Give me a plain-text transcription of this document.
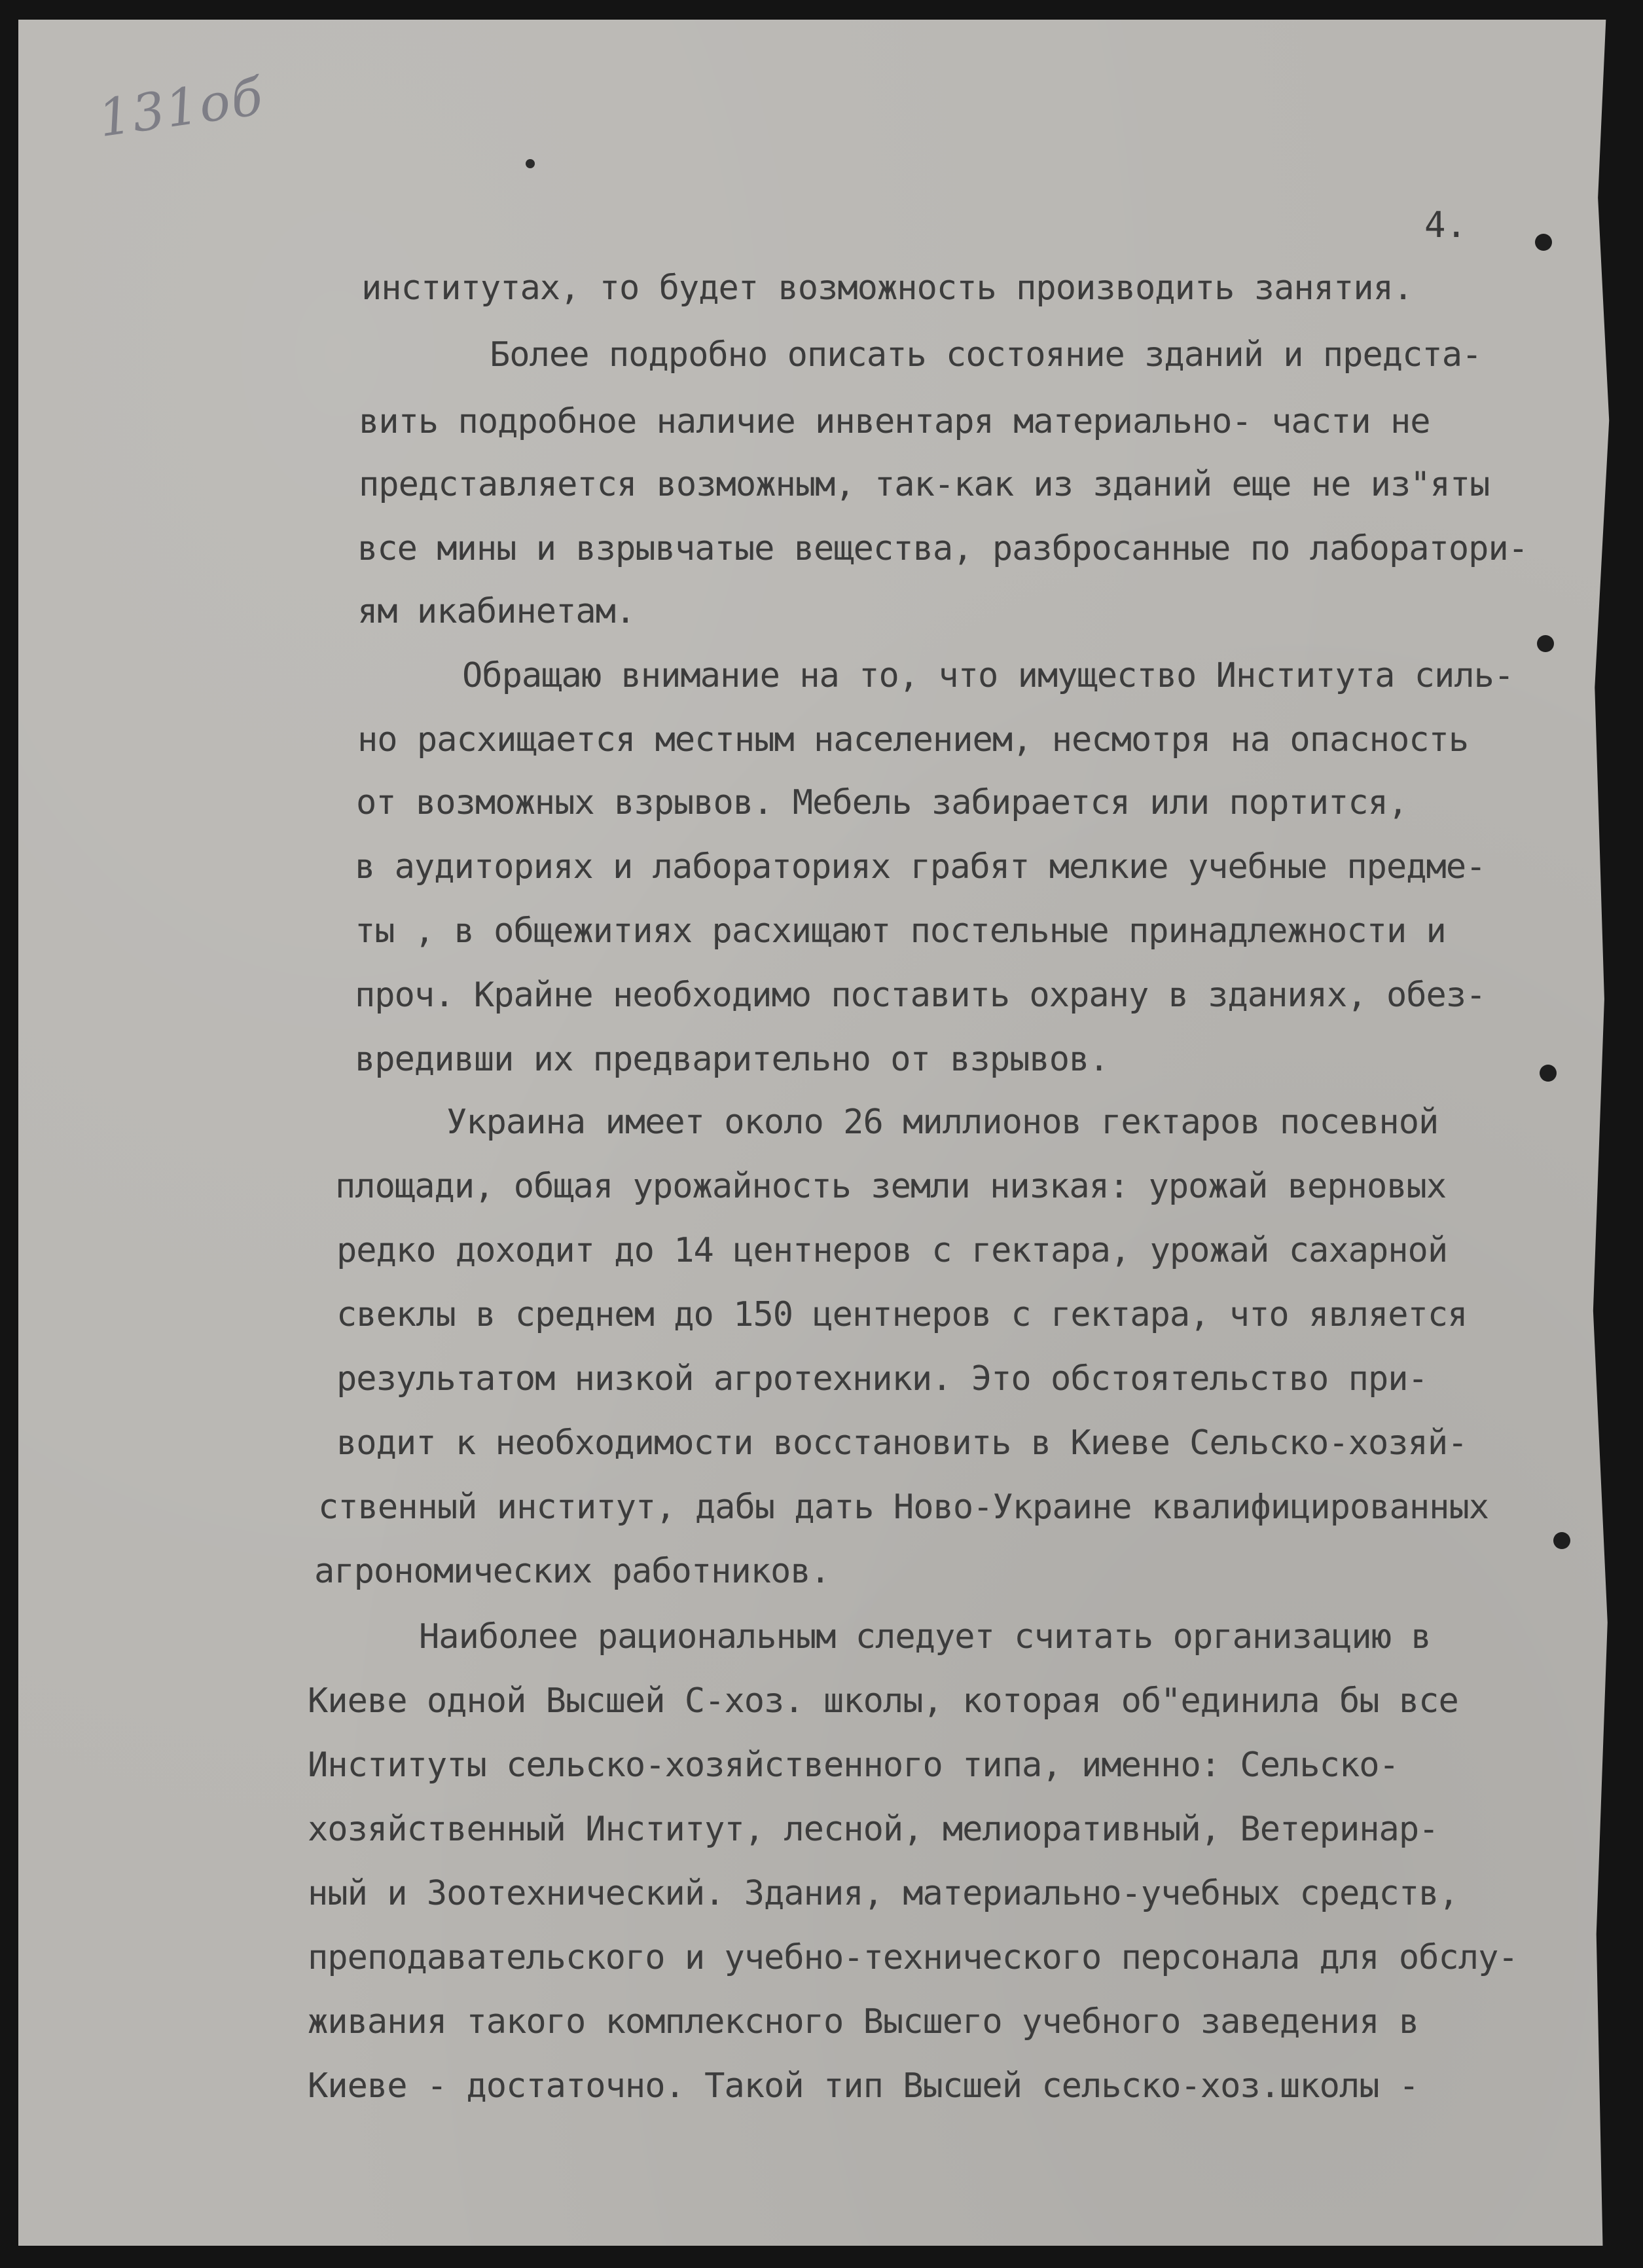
131об
4.
институтах, то будет возможность производить занятия.
Более подробно описать состояние зданий и предста-
вить подробное наличие инвентаря материально- части не
представляется возможным, так-как из зданий еще не из"яты
все мины и взрывчатые вещества, разбросанные по лаборатори-
ям икабинетам.
Обращаю внимание на то, что имущество Института силь-
но расхищается местным населением, несмотря на опасность
от возможных взрывов. Мебель забирается или портится,
в аудиториях и лабораториях грабят мелкие учебные предме-
ты , в общежитиях расхищают постельные принадлежности и
проч. Крайне необходимо поставить охрану в зданиях, обез-
вредивши их предварительно от взрывов.
Украина имеет около 26 миллионов гектаров посевной
площади, общая урожайность земли низкая: урожай верновых
редко доходит до 14 центнеров с гектара, урожай сахарной
свеклы в среднем до 150 центнеров с гектара, что является
результатом низкой агротехники. Это обстоятельство при-
водит к необходимости восстановить в Киеве Сельско-хозяй-
ственный институт, дабы дать Ново-Украине квалифицированных
агрономических работников.
Наиболее рациональным следует считать организацию в
Киеве одной Высшей С-хоз. школы, которая об"единила бы все
Институты сельско-хозяйственного типа, именно: Сельско-
хозяйственный Институт, лесной, мелиоративный, Ветеринар-
ный и Зоотехнический. Здания, материально-учебных средств,
преподавательского и учебно-технического персонала для обслу-
живания такого комплексного Высшего учебного заведения в
Киеве - достаточно. Такой тип Высшей сельско-хоз.школы -
